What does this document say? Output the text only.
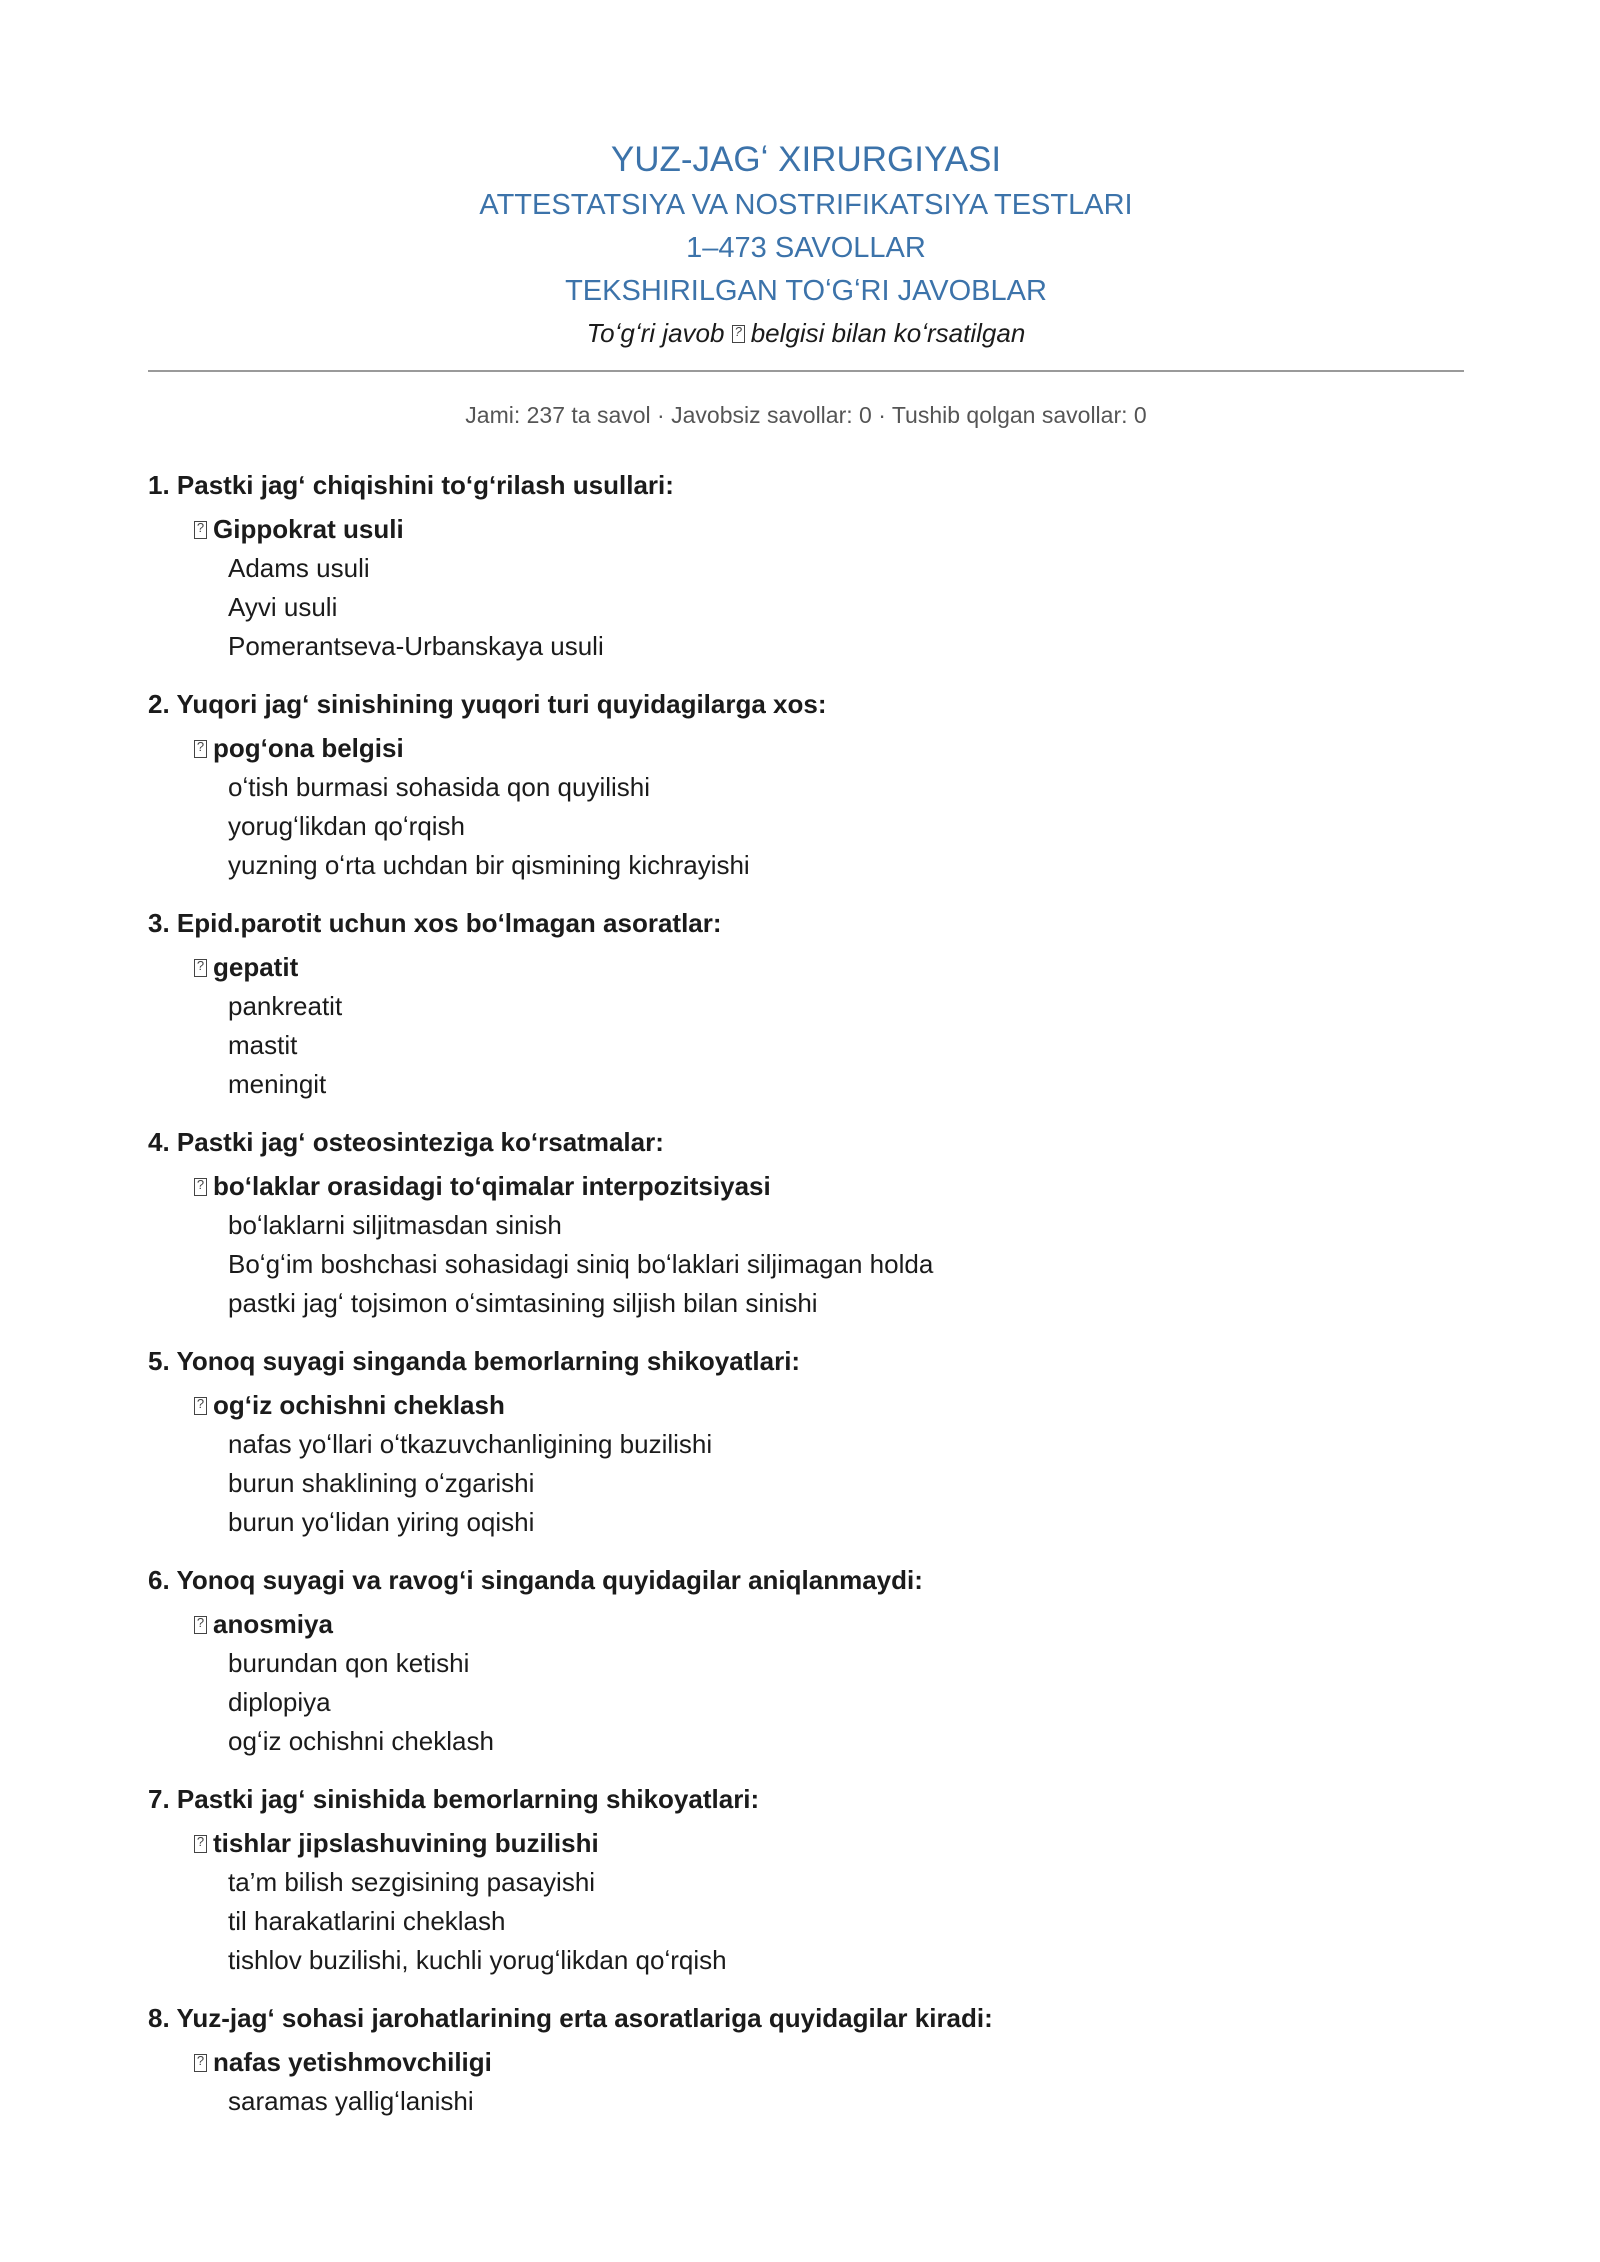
YUZ-JAGʻ XIRURGIYASI
ATTESTATSIYA VA NOSTRIFIKATSIYA TESTLARI
1–473 SAVOLLAR
TEKSHIRILGAN TOʻGʻRI JAVOBLAR
Toʻgʻri javob ? belgisi bilan koʻrsatilgan
Jami: 237 ta savol · Javobsiz savollar: 0 · Tushib qolgan savollar: 0
1. Pastki jagʻ chiqishini toʻgʻrilash usullari:
?Gippokrat usuli
Adams usuli
Ayvi usuli
Pomerantseva-Urbanskaya usuli
2. Yuqori jagʻ sinishining yuqori turi quyidagilarga xos:
?pogʻona belgisi
oʻtish burmasi sohasida qon quyilishi
yorugʻlikdan qoʻrqish
yuzning oʻrta uchdan bir qismining kichrayishi
3. Epid.parotit uchun xos boʻlmagan asoratlar:
?gepatit
pankreatit
mastit
meningit
4. Pastki jagʻ osteosinteziga koʻrsatmalar:
?boʻlaklar orasidagi toʻqimalar interpozitsiyasi
boʻlaklarni siljitmasdan sinish
Boʻgʻim boshchasi sohasidagi siniq boʻlaklari siljimagan holda
pastki jagʻ tojsimon oʻsimtasining siljish bilan sinishi
5. Yonoq suyagi singanda bemorlarning shikoyatlari:
?ogʻiz ochishni cheklash
nafas yoʻllari oʻtkazuvchanligining buzilishi
burun shaklining oʻzgarishi
burun yoʻlidan yiring oqishi
6. Yonoq suyagi va ravogʻi singanda quyidagilar aniqlanmaydi:
?anosmiya
burundan qon ketishi
diplopiya
ogʻiz ochishni cheklash
7. Pastki jagʻ sinishida bemorlarning shikoyatlari:
?tishlar jipslashuvining buzilishi
ta’m bilish sezgisining pasayishi
til harakatlarini cheklash
tishlov buzilishi, kuchli yorugʻlikdan qoʻrqish
8. Yuz-jagʻ sohasi jarohatlarining erta asoratlariga quyidagilar kiradi:
?nafas yetishmovchiligi
saramas yalligʻlanishi
